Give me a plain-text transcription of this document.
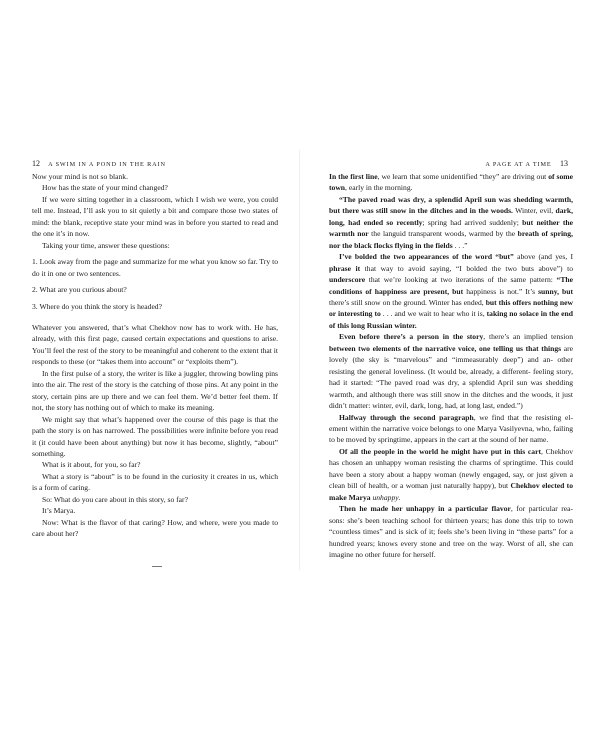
12 A SWIM IN A POND IN THE RAIN

Now your mind is not so blank.

How has the state of your mind changed?

If we were sitting together in a classroom, which I wish we were, you could tell me. Instead, I’ll ask you to sit quietly a bit and compare those two states of mind: the blank, receptive state your mind was in before you started to read and the one it’s in now.

Taking your time, answer these questions:

1. Look away from the page and summarize for me what you know so far. Try to do it in one or two sentences.

2. What are you curious about?

3. Where do you think the story is headed?

Whatever you answered, that’s what Chekhov now has to work with. He has, already, with this first page, caused certain expectations and questions to arise. You’ll feel the rest of the story to be meaningful and coherent to the extent that it responds to these (or “takes them into account” or “exploits them”).

In the first pulse of a story, the writer is like a juggler, throwing bowling pins into the air. The rest of the story is the catching of those pins. At any point in the story, certain pins are up there and we can feel them. We’d better feel them. If not, the story has nothing out of which to make its meaning.

We might say that what’s happened over the course of this page is that the path the story is on has narrowed. The possibilities were infinite before you read it (it could have been about anything) but now it has become, slightly, “about” something.

What is it about, for you, so far?

What a story is “about” is to be found in the curiosity it creates in us, which is a form of caring.

So: What do you care about in this story, so far?

It’s Marya.

Now: What is the flavor of that caring? How, and where, were you made to care about her?

A PAGE AT A TIME 13

In the first line, we learn that some unidentified “they” are driving out of some town, early in the morning.

“The paved road was dry, a splendid April sun was shedding warmth, but there was still snow in the ditches and in the woods. Winter, evil, dark, long, had ended so recently; spring had arrived suddenly; but neither the warmth nor the languid transparent woods, warmed by the breath of spring, nor the black flocks flying in the fields . . .”

I’ve bolded the two appearances of the word “but” above (and yes, I phrase it that way to avoid saying, “I bolded the two buts above”) to underscore that we’re looking at two iterations of the same pattern: “The conditions of happiness are present, but happiness is not.” It’s sunny, but there’s still snow on the ground. Winter has ended, but this offers nothing new or interesting to . . . and we wait to hear who it is, taking no solace in the end of this long Russian winter.

Even before there’s a person in the story, there’s an implied tension between two elements of the narrative voice, one telling us that things are lovely (the sky is “marvelous” and “immeasurably deep”) and an- other resisting the general loveliness. (It would be, already, a different- feeling story, had it started: “The paved road was dry, a splendid April sun was shedding warmth, and although there was still snow in the ditches and the woods, it just didn’t matter: winter, evil, dark, long, had, at long last, ended.”)

Halfway through the second paragraph, we find that the resisting el- ement within the narrative voice belongs to one Marya Vasilyevna, who, failing to be moved by springtime, appears in the cart at the sound of her name.

Of all the people in the world he might have put in this cart, Chekhov has chosen an unhappy woman resisting the charms of springtime. This could have been a story about a happy woman (newly engaged, say, or just given a clean bill of health, or a woman just naturally happy), but Chekhov elected to make Marya unhappy.

Then he made her unhappy in a particular flavor, for particular rea- sons: she’s been teaching school for thirteen years; has done this trip to town “countless times” and is sick of it; feels she’s been living in “these parts” for a hundred years; knows every stone and tree on the way. Worst of all, she can imagine no other future for herself.
